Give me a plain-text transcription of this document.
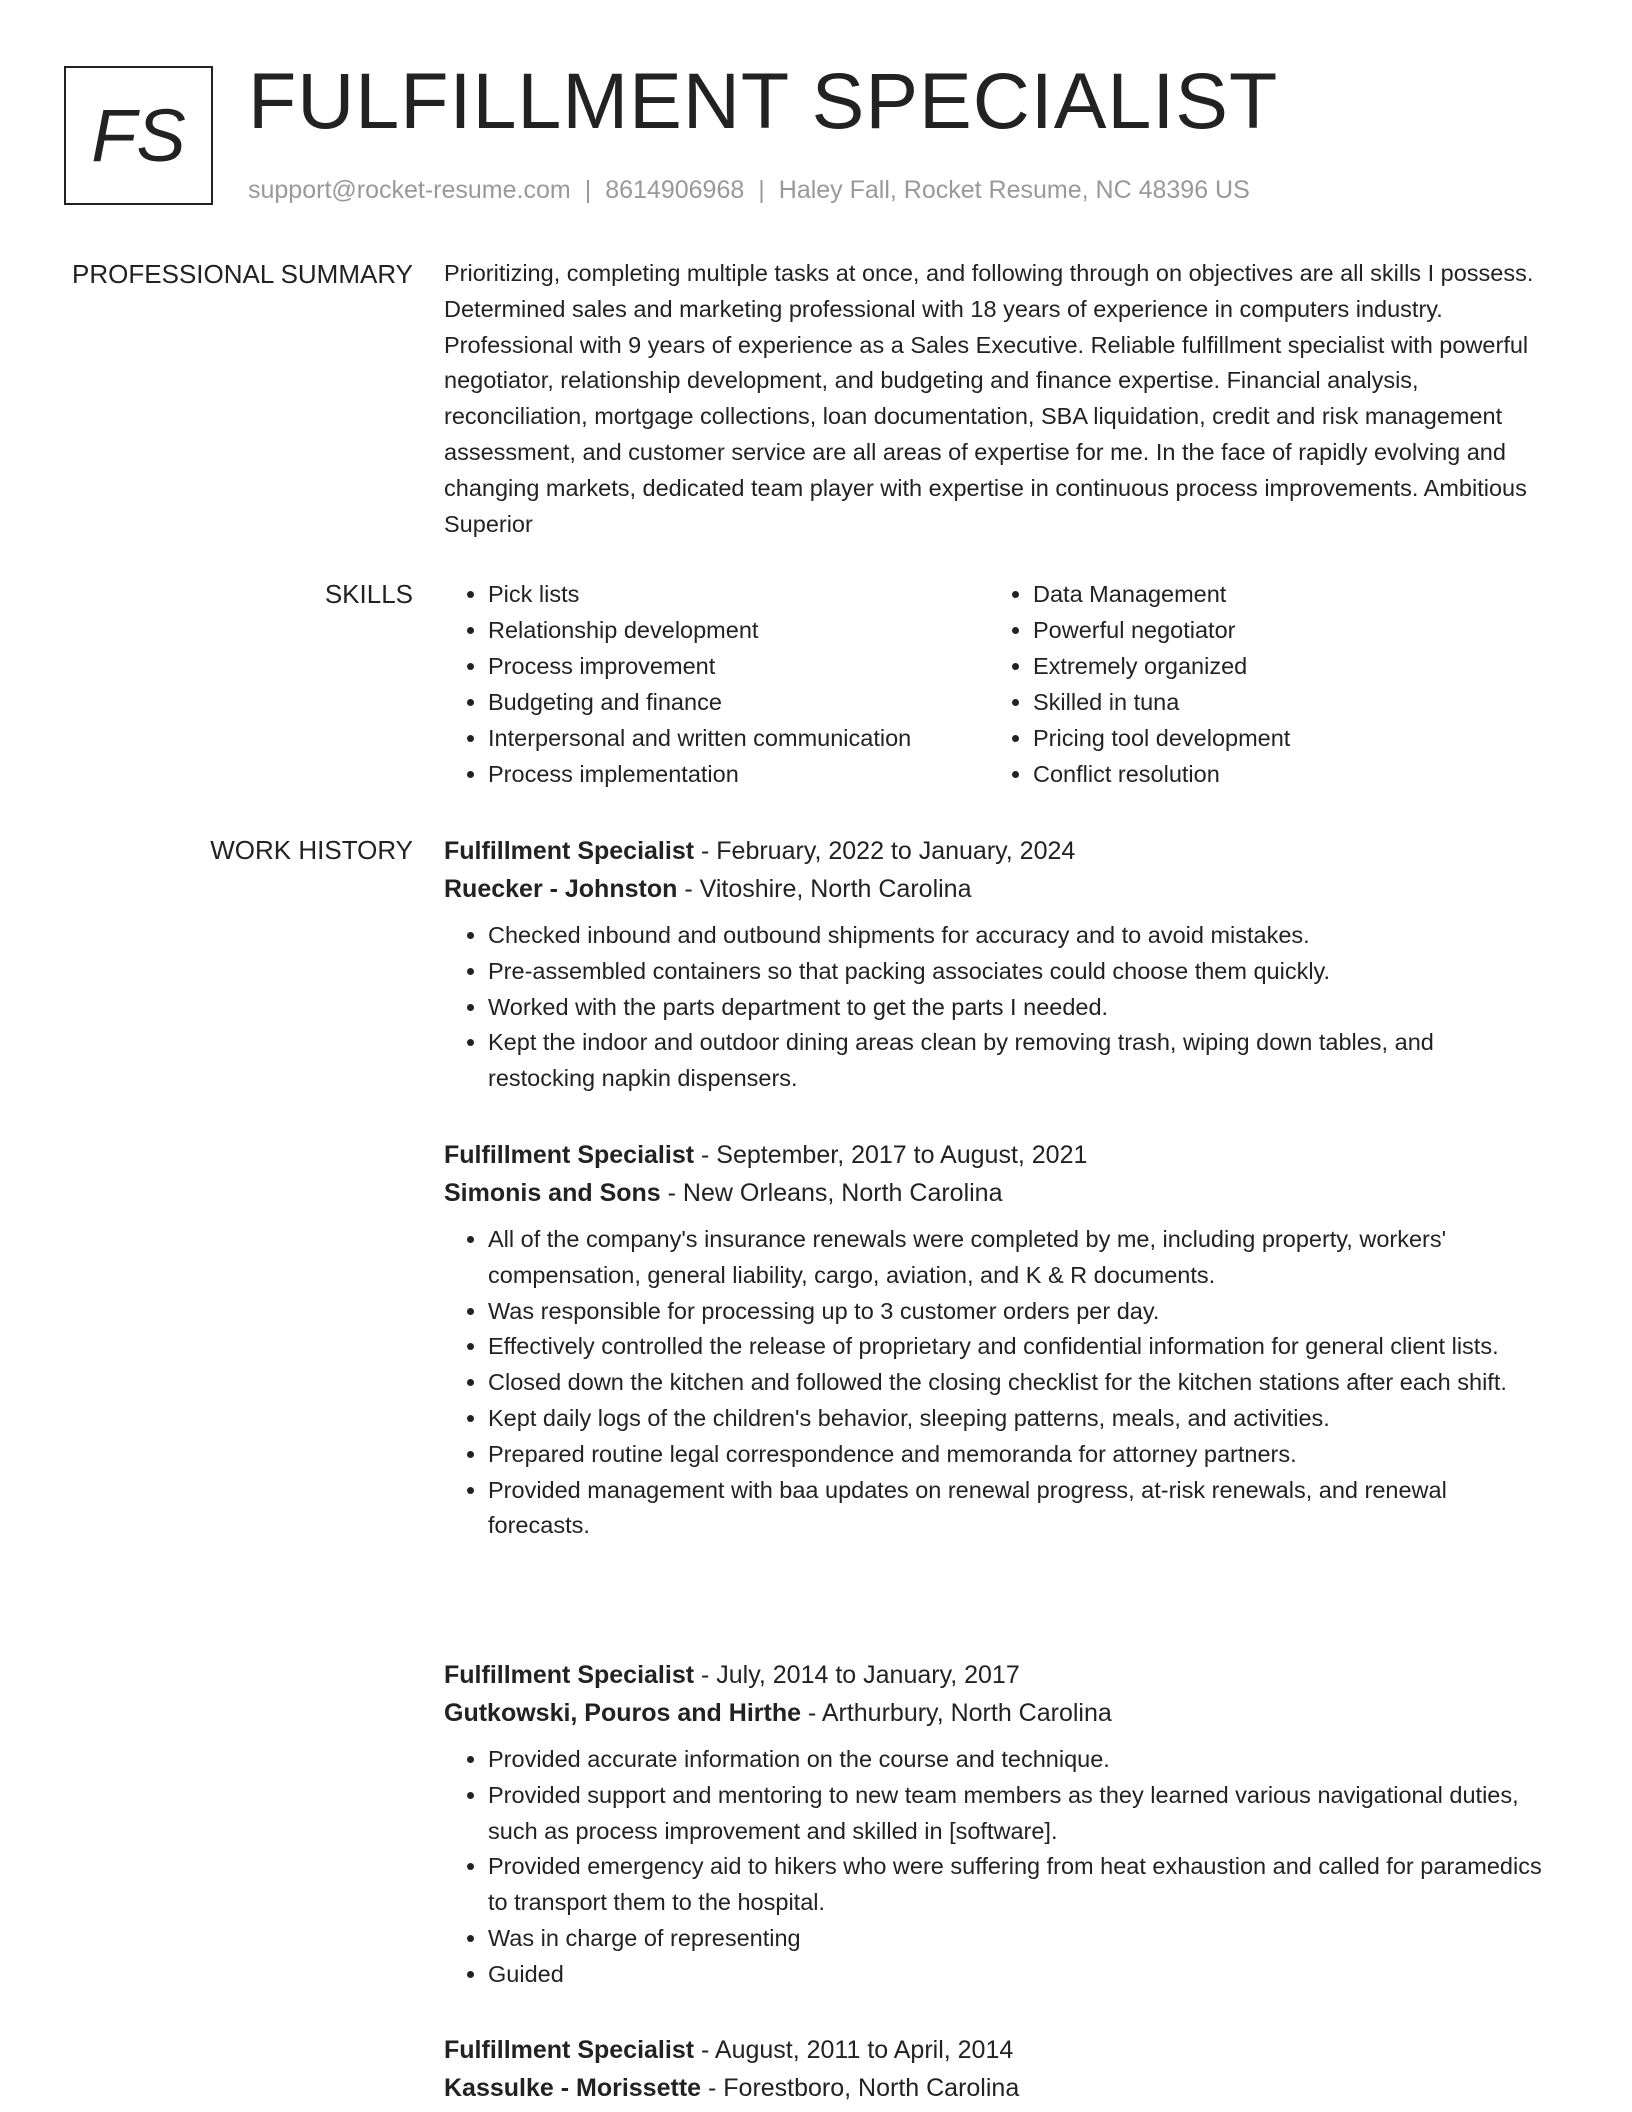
FS FULFILLMENT SPECIALIST

support@rocket-resume.com | 8614906968 | Haley Fall, Rocket Resume, NC 48396 US

PROFESSIONAL SUMMARY Prioritizing, completing multiple tasks at once, and following through on objectives are all skills I possess. Determined sales and marketing professional with 18 years of experience in computers industry. Professional with 9 years of experience as a Sales Executive. Reliable fulfillment specialist with powerful negotiator, relationship development, and budgeting and finance expertise. Financial analysis, reconciliation, mortgage collections, loan documentation, SBA liquidation, credit and risk management assessment, and customer service are all areas of expertise for me. In the face of rapidly evolving and changing markets, dedicated team player with expertise in continuous process improvements. Ambitious Superior

SKILLS
•	Pick lists
• Relationship development
• Process improvement
• Budgeting and finance
• Interpersonal and written communication
• Process implementation
• Data Management
• Powerful negotiator
• Extremely organized
• Skilled in tuna
• Pricing tool development
• Conflict resolution
WORK HISTORY Fulfillment Specialist - February, 2022 to January, 2024

Ruecker - Johnston - Vitoshire, North Carolina

• Checked inbound and outbound shipments for accuracy and to avoid mistakes.
• Pre-assembled containers so that packing associates could choose them quickly.
• Worked with the parts department to get the parts I needed.
• Kept the indoor and outdoor dining areas clean by removing trash, wiping down tables, and restocking napkin dispensers.

Fulfillment Specialist - September, 2017 to August, 2021

Simonis and Sons - New Orleans, North Carolina

• All of the company's insurance renewals were completed by me, including property, workers' compensation, general liability, cargo, aviation, and K & R documents.
• Was responsible for processing up to 3 customer orders per day.
• Effectively controlled the release of proprietary and confidential information for general client lists.
• Closed down the kitchen and followed the closing checklist for the kitchen stations after each shift.
• Kept daily logs of the children's behavior, sleeping patterns, meals, and activities.
• Prepared routine legal correspondence and memoranda for attorney partners.
• Provided management with baa updates on renewal progress, at-risk renewals, and renewal forecasts.

Fulfillment Specialist - July, 2014 to January, 2017

Gutkowski, Pouros and Hirthe - Arthurbury, North Carolina

• Provided accurate information on the course and technique.
• Provided support and mentoring to new team members as they learned various navigational duties, such as process improvement and skilled in [software].
• Provided emergency aid to hikers who were suffering from heat exhaustion and called for paramedics to transport them to the hospital.
• Was in charge of representing
• Guided

Fulfillment Specialist - August, 2011 to April, 2014

Kassulke - Morissette - Forestboro, North Carolina
